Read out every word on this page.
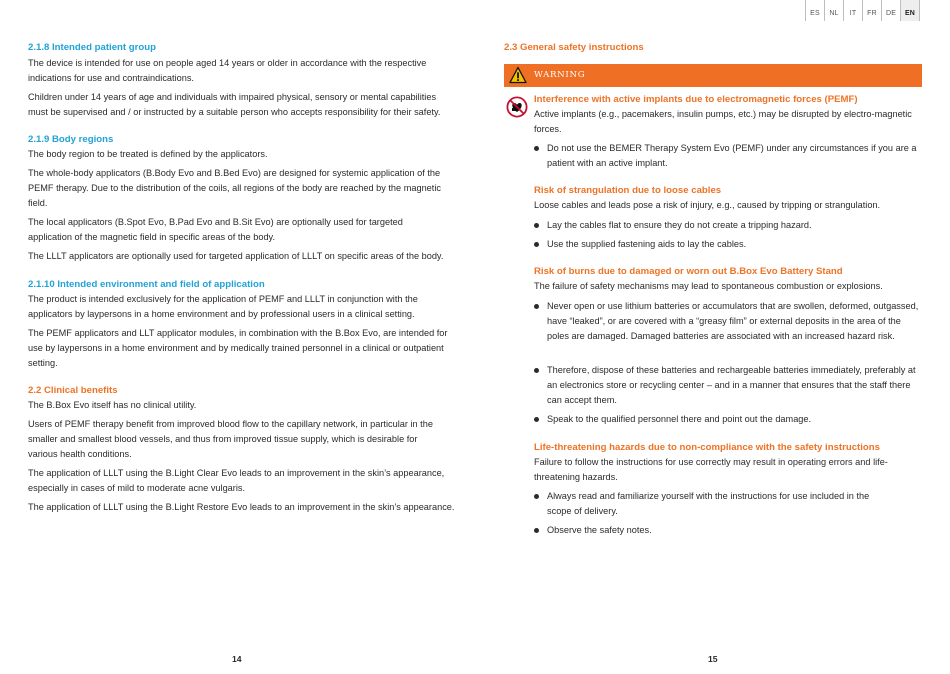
ES	NL	IT	FR	DE	EN
2.1.8 Intended patient group
The device is intended for use on people aged 14 years or older in accordance with the respective indications for use and contraindications.
Children under 14 years of age and individuals with impaired physical, sensory or mental capabilities must be supervised and / or instructed by a suitable person who accepts responsibility for their safety.
2.1.9 Body regions
The body region to be treated is defined by the applicators.
The whole-body applicators (B.Body Evo and B.Bed Evo) are designed for systemic application of the PEMF therapy. Due to the distribution of the coils, all regions of the body are reached by the magnetic field.
The local applicators (B.Spot Evo, B.Pad Evo and B.Sit Evo) are optionally used for targeted application of the magnetic field in specific areas of the body.
The LLLT applicators are optionally used for targeted application of LLLT on specific areas of the body.
2.1.10 Intended environment and field of application
The product is intended exclusively for the application of PEMF and LLLT in conjunction with the applicators by laypersons in a home environment and by professional users in a clinical setting.
The PEMF applicators and LLT applicator modules, in combination with the B.Box Evo, are intended for use by laypersons in a home environment and by medically trained personnel in a clinical or outpatient setting.
2.2 Clinical benefits
The B.Box Evo itself has no clinical utility.
Users of PEMF therapy benefit from improved blood flow to the capillary network, in particular in the smaller and smallest blood vessels, and thus from improved tissue supply, which is desirable for various health conditions.
The application of LLLT using the B.Light Clear Evo leads to an improvement in the skin’s appearance, especially in cases of mild to moderate acne vulgaris.
The application of LLLT using the B.Light Restore Evo leads to an improvement in the skin’s appearance.
14
2.3 General safety instructions
WARNING
Interference with active implants due to electromagnetic forces (PEMF)
Active implants (e.g., pacemakers, insulin pumps, etc.) may be disrupted by electro-magnetic forces.
Do not use the BEMER Therapy System Evo (PEMF) under any circumstances if you are a patient with an active implant.
Risk of strangulation due to loose cables
Loose cables and leads pose a risk of injury, e.g., caused by tripping or strangulation.
Lay the cables flat to ensure they do not create a tripping hazard.
Use the supplied fastening aids to lay the cables.
Risk of burns due to damaged or worn out B.Box Evo Battery Stand
The failure of safety mechanisms may lead to spontaneous combustion or explosions.
Never open or use lithium batteries or accumulators that are swollen, deformed, outgassed, have “leaked”, or are covered with a “greasy film” or external deposits in the area of the poles are damaged. Damaged batteries are associated with an increased hazard risk.
Therefore, dispose of these batteries and rechargeable batteries immediately, preferably at an electronics store or recycling center – and in a manner that ensures that the staff there can accept them.
Speak to the qualified personnel there and point out the damage.
Life-threatening hazards due to non-compliance with the safety instructions
Failure to follow the instructions for use correctly may result in operating errors and life-threatening hazards.
Always read and familiarize yourself with the instructions for use included in the scope of delivery.
Observe the safety notes.
15
